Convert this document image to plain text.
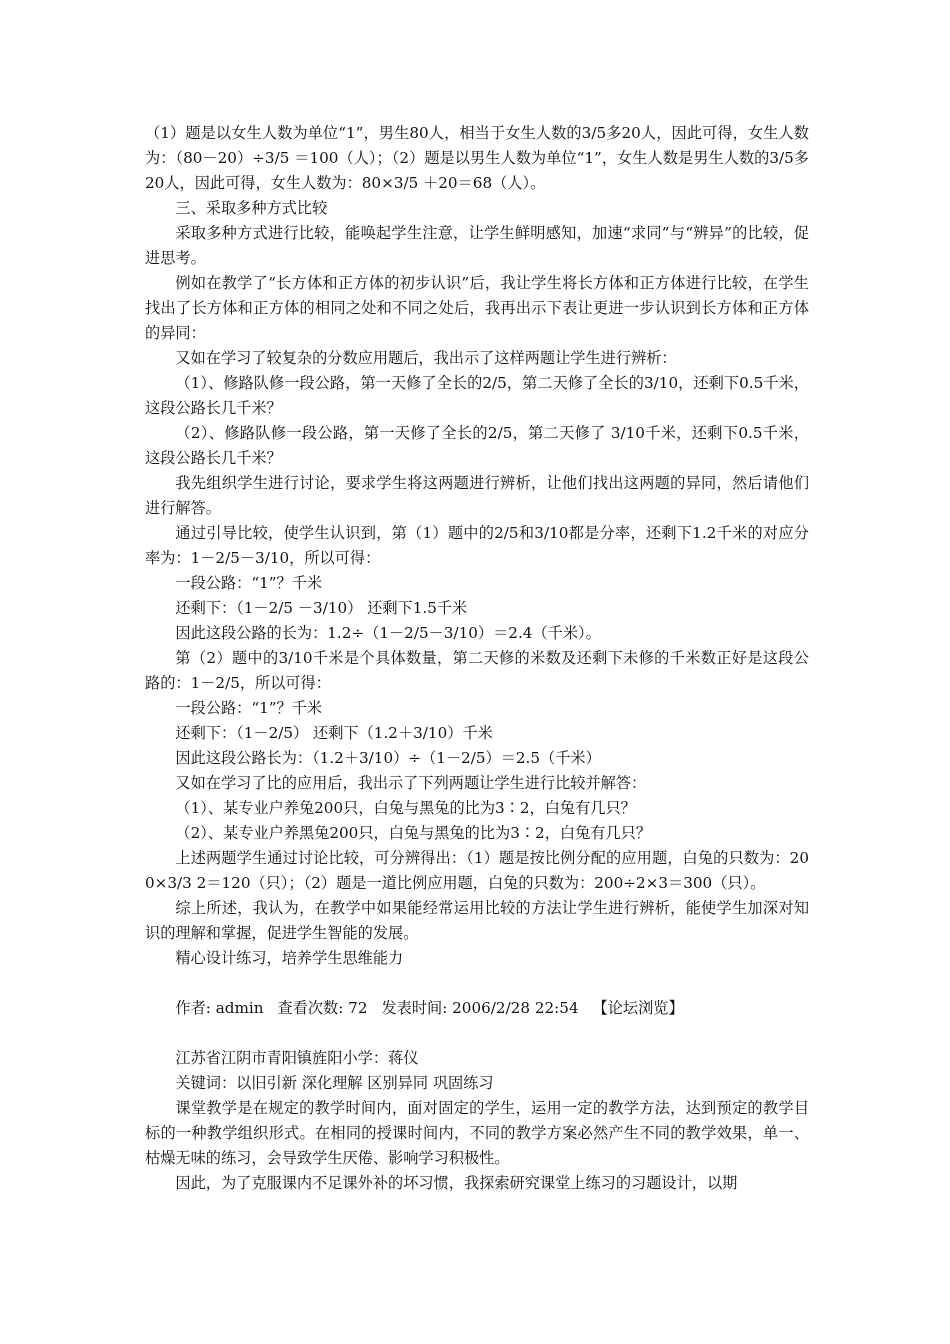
（1）题是以女生人数为单位“1”，男生80人，相当于女生人数的3/5多20人，因此可得，女生人数为：（80－20）÷3/5 ＝100（人）；（2）题是以男生人数为单位“1”，女生人数是男生人数的3/5多20人，因此可得，女生人数为：80×3/5 ＋20＝68（人）。

三、采取多种方式比较

采取多种方式进行比较，能唤起学生注意，让学生鲜明感知，加速“求同”与“辨异”的比较，促进思考。

例如在教学了“长方体和正方体的初步认识”后，我让学生将长方体和正方体进行比较，在学生找出了长方体和正方体的相同之处和不同之处后，我再出示下表让更进一步认识到长方体和正方体的异同：

又如在学习了较复杂的分数应用题后，我出示了这样两题让学生进行辨析：

（1）、修路队修一段公路，第一天修了全长的2/5，第二天修了全长的3/10，还剩下0.5千米，这段公路长几千米？

（2）、修路队修一段公路，第一天修了全长的2/5，第二天修了 3/10千米，还剩下0.5千米，这段公路长几千米？

我先组织学生进行讨论，要求学生将这两题进行辨析，让他们找出这两题的异同，然后请他们进行解答。

通过引导比较，使学生认识到，第（1）题中的2/5和3/10都是分率，还剩下1.2千米的对应分率为：1－2/5－3/10，所以可得：

一段公路：“1”？千米

还剩下：（1－2/5 －3/10） 还剩下1.5千米

因此这段公路的长为：1.2÷（1－2/5－3/10）＝2.4（千米）。

第（2）题中的3/10千米是个具体数量，第二天修的米数及还剩下未修的千米数正好是这段公路的：1－2/5，所以可得：

一段公路：“1”？千米

还剩下：（1－2/5） 还剩下（1.2＋3/10）千米

因此这段公路长为：（1.2＋3/10）÷（1－2/5）＝2.5（千米）

又如在学习了比的应用后，我出示了下列两题让学生进行比较并解答：

（1）、某专业户养兔200只，白兔与黑兔的比为3∶2，白兔有几只？

（2）、某专业户养黑兔200只，白兔与黑兔的比为3∶2，白兔有几只？

上述两题学生通过讨论比较，可分辨得出：（1）题是按比例分配的应用题，白兔的只数为：200×3/3 2＝120（只）；（2）题是一道比例应用题，白兔的只数为：200÷2×3＝300（只）。

综上所述，我认为，在教学中如果能经常运用比较的方法让学生进行辨析，能使学生加深对知识的理解和掌握，促进学生智能的发展。

精心设计练习，培养学生思维能力

作者: admin 查看次数: 72 发表时间: 2006/2/28 22:54 【论坛浏览】

江苏省江阴市青阳镇旌阳小学：蒋仪

关键词：以旧引新 深化理解 区别异同 巩固练习

课堂教学是在规定的教学时间内，面对固定的学生，运用一定的教学方法，达到预定的教学目标的一种教学组织形式。在相同的授课时间内，不同的教学方案必然产生不同的教学效果，单一、枯燥无味的练习，会导致学生厌倦、影响学习积极性。

因此，为了克服课内不足课外补的坏习惯，我探索研究课堂上练习的习题设计，以期
